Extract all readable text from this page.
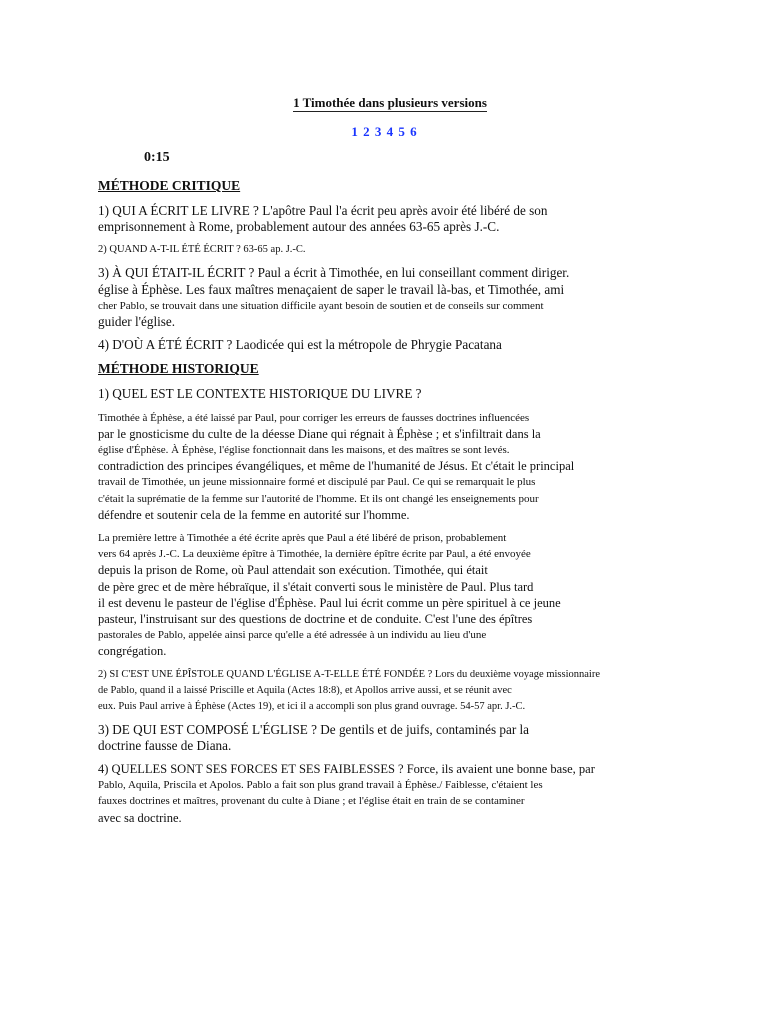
1 Timothée dans plusieurs versions
1 2 3 4 5 6
0:15
MÉTHODE CRITIQUE
1) QUI A ÉCRIT LE LIVRE ? L'apôtre Paul l'a écrit peu après avoir été libéré de son
emprisonnement à Rome, probablement autour des années 63-65 après J.-C.
2) QUAND A-T-IL ÉTÉ ÉCRIT ? 63-65 ap. J.-C.
3) À QUI ÉTAIT-IL ÉCRIT ? Paul a écrit à Timothée, en lui conseillant comment diriger.
église à Éphèse. Les faux maîtres menaçaient de saper le travail là-bas, et Timothée, ami
cher Pablo, se trouvait dans une situation difficile ayant besoin de soutien et de conseils sur comment
guider l'église.
4) D'OÙ A ÉTÉ ÉCRIT ? Laodicée qui est la métropole de Phrygie Pacatana
MÉTHODE HISTORIQUE
1) QUEL EST LE CONTEXTE HISTORIQUE DU LIVRE ?
Timothée à Éphèse, a été laissé par Paul, pour corriger les erreurs de fausses doctrines influencées
par le gnosticisme du culte de la déesse Diane qui régnait à Éphèse ; et s'infiltrait dans la
église d'Éphèse. À Éphèse, l'église fonctionnait dans les maisons, et des maîtres se sont levés.
contradiction des principes évangéliques, et même de l'humanité de Jésus. Et c'était le principal
travail de Timothée, un jeune missionnaire formé et discipulé par Paul. Ce qui se remarquait le plus
c'était la suprématie de la femme sur l'autorité de l'homme. Et ils ont changé les enseignements pour
défendre et soutenir cela de la femme en autorité sur l'homme.
La première lettre à Timothée a été écrite après que Paul a été libéré de prison, probablement
vers 64 après J.-C. La deuxième épître à Timothée, la dernière épître écrite par Paul, a été envoyée
depuis la prison de Rome, où Paul attendait son exécution. Timothée, qui était
de père grec et de mère hébraïque, il s'était converti sous le ministère de Paul. Plus tard
il est devenu le pasteur de l'église d'Éphèse. Paul lui écrit comme un père spirituel à ce jeune
pasteur, l'instruisant sur des questions de doctrine et de conduite. C'est l'une des épîtres
pastorales de Pablo, appelée ainsi parce qu'elle a été adressée à un individu au lieu d'une
congrégation.
2) SI C'EST UNE ÉPÎSTOLE QUAND L'ÉGLISE A-T-ELLE ÉTÉ FONDÉE ? Lors du deuxième voyage missionnaire
de Pablo, quand il a laissé Priscille et Aquila (Actes 18:8), et Apollos arrive aussi, et se réunit avec
eux. Puis Paul arrive à Éphèse (Actes 19), et ici il a accompli son plus grand ouvrage. 54-57 apr. J.-C.
3) DE QUI EST COMPOSÉ L'ÉGLISE ? De gentils et de juifs, contaminés par la
doctrine fausse de Diana.
4) QUELLES SONT SES FORCES ET SES FAIBLESSES ? Force, ils avaient une bonne base, par
Pablo, Aquila, Priscila et Apolos. Pablo a fait son plus grand travail à Éphèse./ Faiblesse, c'étaient les
fauxes doctrines et maîtres, provenant du culte à Diane ; et l'église était en train de se contaminer
avec sa doctrine.
